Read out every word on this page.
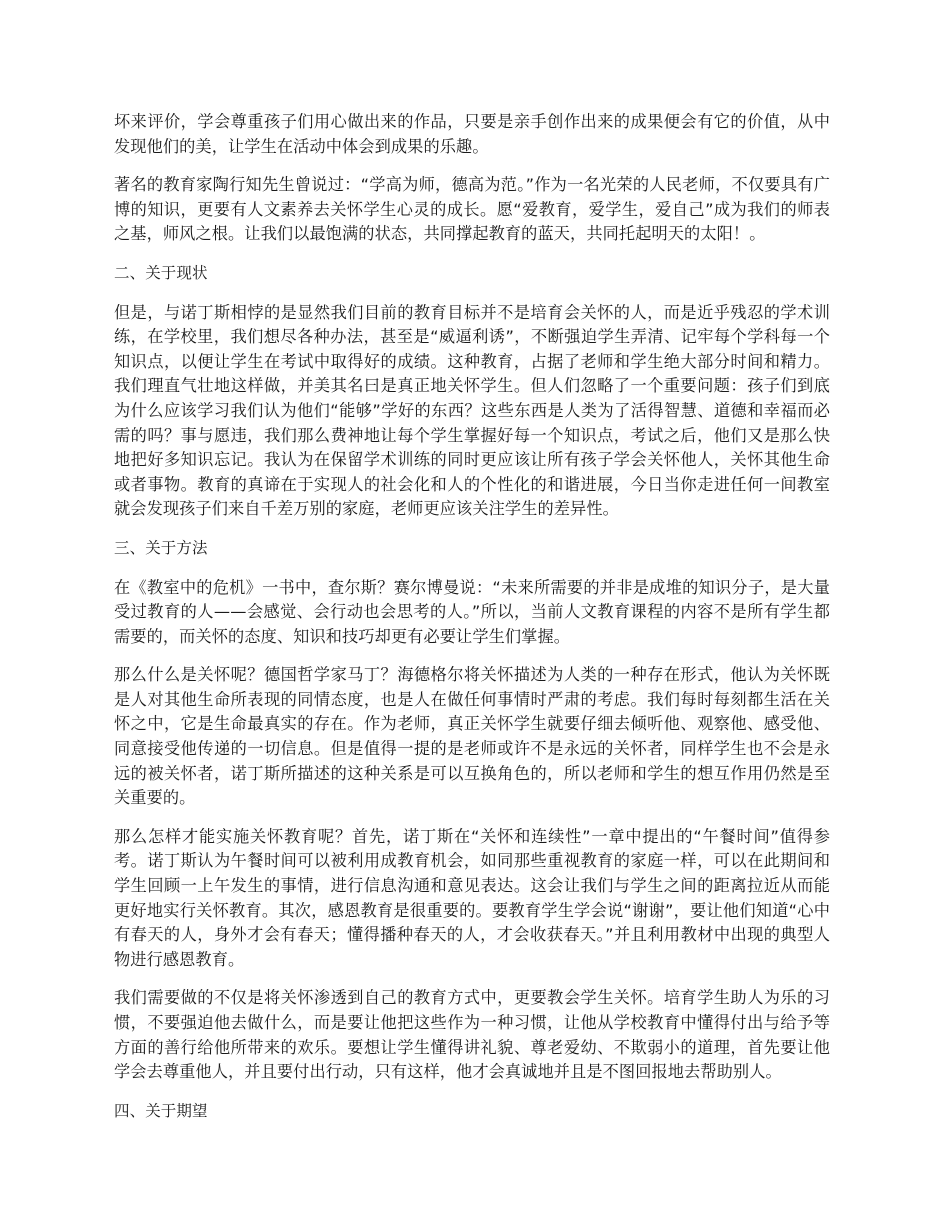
坏来评价，学会尊重孩子们用心做出来的作品，只要是亲手创作出来的成果便会有它的价值，从中发现他们的美，让学生在活动中体会到成果的乐趣。

著名的教育家陶行知先生曾说过：“学高为师，德高为范。”作为一名光荣的人民老师，不仅要具有广博的知识，更要有人文素养去关怀学生心灵的成长。愿“爱教育，爱学生，爱自己”成为我们的师表之基，师风之根。让我们以最饱满的状态，共同撑起教育的蓝天，共同托起明天的太阳！。

二、关于现状

但是，与诺丁斯相悖的是显然我们目前的教育目标并不是培育会关怀的人，而是近乎残忍的学术训练，在学校里，我们想尽各种办法，甚至是“威逼利诱”，不断强迫学生弄清、记牢每个学科每一个知识点，以便让学生在考试中取得好的成绩。这种教育，占据了老师和学生绝大部分时间和精力。我们理直气壮地这样做，并美其名曰是真正地关怀学生。但人们忽略了一个重要问题：孩子们到底为什么应该学习我们认为他们“能够”学好的东西？这些东西是人类为了活得智慧、道德和幸福而必需的吗？事与愿违，我们那么费神地让每个学生掌握好每一个知识点，考试之后，他们又是那么快地把好多知识忘记。我认为在保留学术训练的同时更应该让所有孩子学会关怀他人，关怀其他生命或者事物。教育的真谛在于实现人的社会化和人的个性化的和谐进展，今日当你走进任何一间教室就会发现孩子们来自千差万别的家庭，老师更应该关注学生的差异性。

三、关于方法

在《教室中的危机》一书中，查尔斯？赛尔博曼说：“未来所需要的并非是成堆的知识分子，是大量受过教育的人——会感觉、会行动也会思考的人。”所以，当前人文教育课程的内容不是所有学生都需要的，而关怀的态度、知识和技巧却更有必要让学生们掌握。

那么什么是关怀呢？德国哲学家马丁？海德格尔将关怀描述为人类的一种存在形式，他认为关怀既是人对其他生命所表现的同情态度，也是人在做任何事情时严肃的考虑。我们每时每刻都生活在关怀之中，它是生命最真实的存在。作为老师，真正关怀学生就要仔细去倾听他、观察他、感受他、同意接受他传递的一切信息。但是值得一提的是老师或许不是永远的关怀者，同样学生也不会是永远的被关怀者，诺丁斯所描述的这种关系是可以互换角色的，所以老师和学生的想互作用仍然是至关重要的。

那么怎样才能实施关怀教育呢？首先，诺丁斯在“关怀和连续性”一章中提出的“午餐时间”值得参考。诺丁斯认为午餐时间可以被利用成教育机会，如同那些重视教育的家庭一样，可以在此期间和学生回顾一上午发生的事情，进行信息沟通和意见表达。这会让我们与学生之间的距离拉近从而能更好地实行关怀教育。其次，感恩教育是很重要的。要教育学生学会说“谢谢”，要让他们知道“心中有春天的人，身外才会有春天；懂得播种春天的人，才会收获春天。”并且利用教材中出现的典型人物进行感恩教育。

我们需要做的不仅是将关怀渗透到自己的教育方式中，更要教会学生关怀。培育学生助人为乐的习惯，不要强迫他去做什么，而是要让他把这些作为一种习惯，让他从学校教育中懂得付出与给予等方面的善行给他所带来的欢乐。要想让学生懂得讲礼貌、尊老爱幼、不欺弱小的道理，首先要让他学会去尊重他人，并且要付出行动，只有这样，他才会真诚地并且是不图回报地去帮助别人。

四、关于期望
